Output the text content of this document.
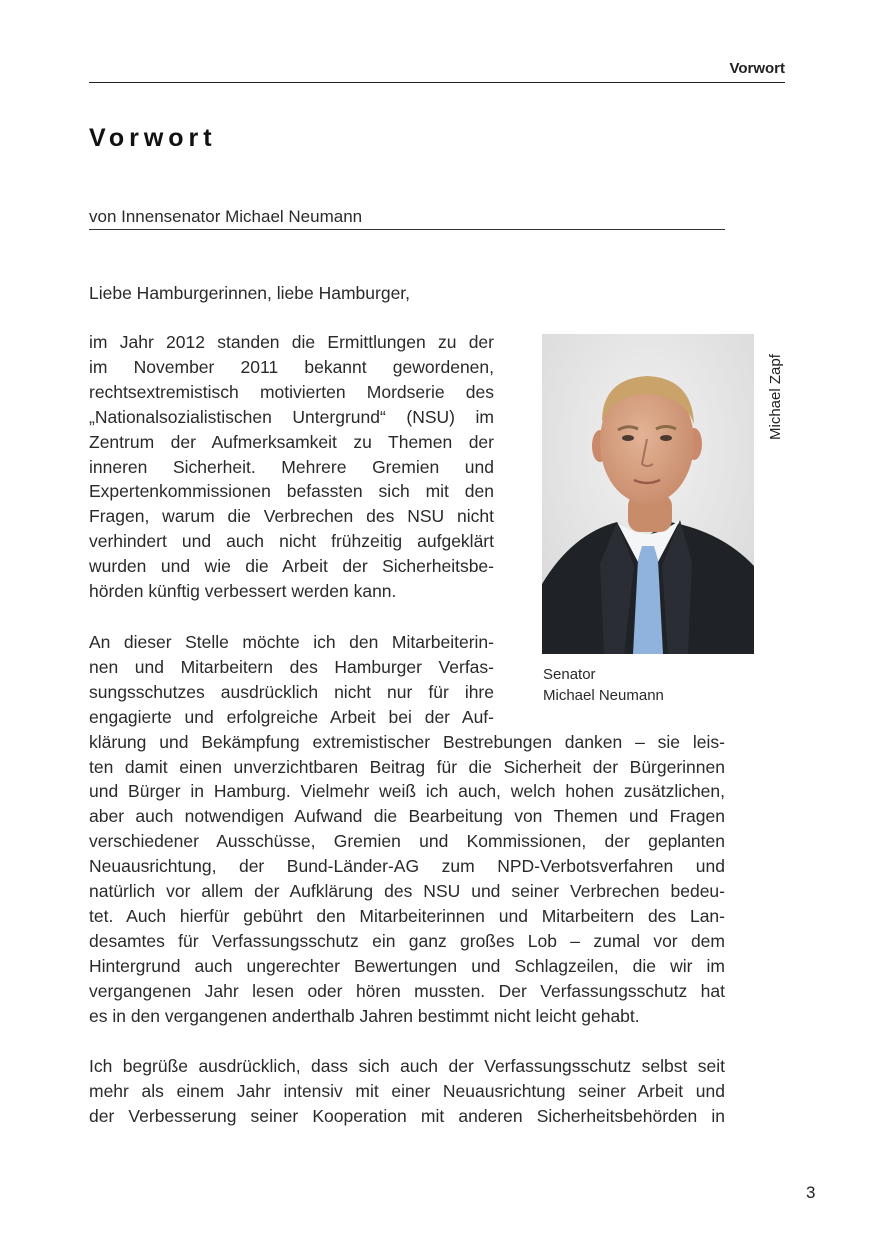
Vorwort
Vorwort
von Innensenator Michael Neumann
Liebe Hamburgerinnen, liebe Hamburger,

im Jahr 2012 standen die Ermittlungen zu der
im November 2011 bekannt gewordenen,
rechtsextremistisch motivierten Mordserie des
„Nationalsozialistischen Untergrund“ (NSU) im
Zentrum der Aufmerksamkeit zu Themen der
inneren Sicherheit. Mehrere Gremien und
Expertenkommissionen befassten sich mit den
Fragen, warum die Verbrechen des NSU nicht
verhindert und auch nicht frühzeitig aufgeklärt
wurden und wie die Arbeit der Sicherheitsbe-
hörden künftig verbessert werden kann.

An dieser Stelle möchte ich den Mitarbeiterin-
nen und Mitarbeitern des Hamburger Verfas-
sungsschutzes ausdrücklich nicht nur für ihre
engagierte und erfolgreiche Arbeit bei der Auf-
klärung und Bekämpfung extremistischer Bestrebungen danken – sie leis-
ten damit einen unverzichtbaren Beitrag für die Sicherheit der Bürgerinnen
und Bürger in Hamburg. Vielmehr weiß ich auch, welch hohen zusätzlichen,
aber auch notwendigen Aufwand die Bearbeitung von Themen und Fragen
verschiedener Ausschüsse, Gremien und Kommissionen, der geplanten
Neuausrichtung, der Bund-Länder-AG zum NPD-Verbotsverfahren und
natürlich vor allem der Aufklärung des NSU und seiner Verbrechen bedeu-
tet. Auch hierfür gebührt den Mitarbeiterinnen und Mitarbeitern des Lan-
desamtes für Verfassungsschutz ein ganz großes Lob – zumal vor dem
Hintergrund auch ungerechter Bewertungen und Schlagzeilen, die wir im
vergangenen Jahr lesen oder hören mussten. Der Verfassungsschutz hat
es in den vergangenen anderthalb Jahren bestimmt nicht leicht gehabt.

Ich begrüße ausdrücklich, dass sich auch der Verfassungsschutz selbst seit
mehr als einem Jahr intensiv mit einer Neuausrichtung seiner Arbeit und
der Verbesserung seiner Kooperation mit anderen Sicherheitsbehörden in

Senator
Michael Neumann
Michael Zapf
3
